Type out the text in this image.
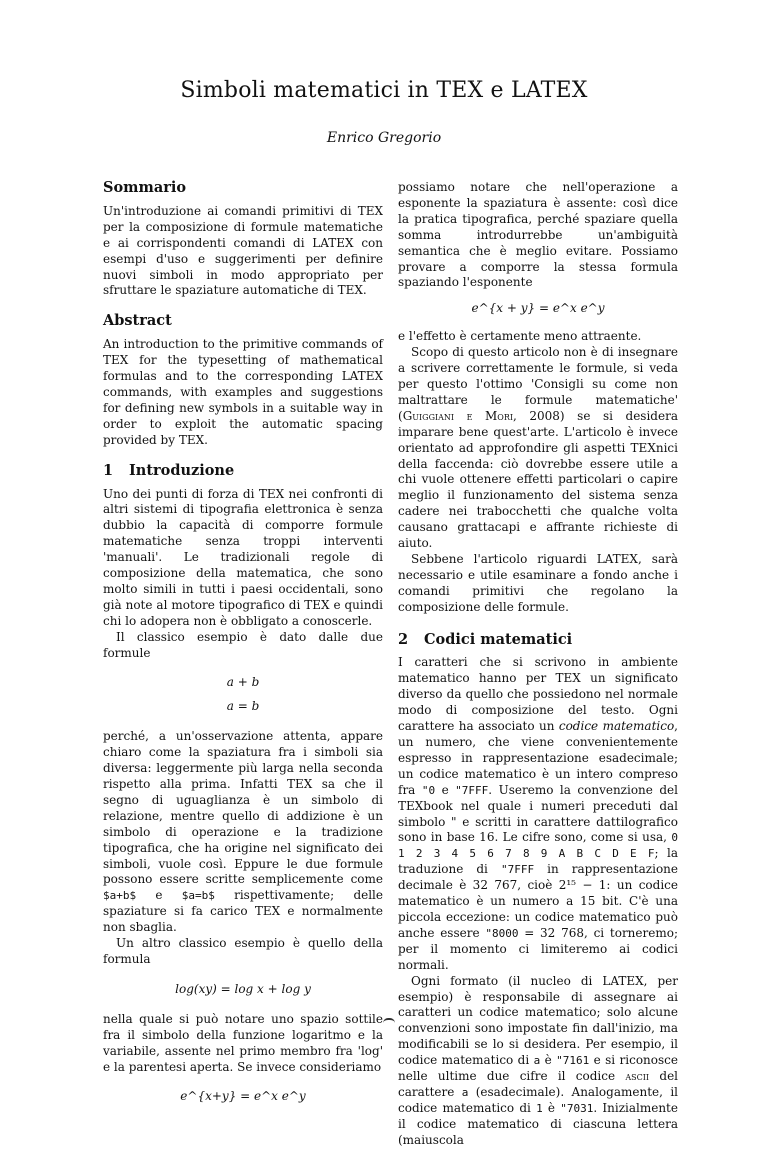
Simboli matematici in TEX e LATEX
Enrico Gregorio
Sommario

Un'introduzione ai comandi primitivi di TEX per la composizione di formule matematiche e ai corrispondenti comandi di LATEX con esempi d'uso e suggerimenti per definire nuovi simboli in modo appropriato per sfruttare le spaziature automatiche di TEX.

Abstract

An introduction to the primitive commands of TEX for the typesetting of mathematical formulas and to the corresponding LATEX commands, with examples and suggestions for defining new symbols in a suitable way in order to exploit the automatic spacing provided by TEX.

1 Introduzione

Uno dei punti di forza di TEX nei confronti di altri sistemi di tipografia elettronica è senza dubbio la capacità di comporre formule matematiche senza troppi interventi 'manuali'. Le tradizionali regole di composizione della matematica, che sono molto simili in tutti i paesi occidentali, sono già note al motore tipografico di TEX e quindi chi lo adopera non è obbligato a conoscerle.

Il classico esempio è dato dalle due formule

a + b
a = b

perché, a un'osservazione attenta, appare chiaro come la spaziatura fra i simboli sia diversa: leggermente più larga nella seconda rispetto alla prima. Infatti TEX sa che il segno di uguaglianza è un simbolo di relazione, mentre quello di addizione è un simbolo di operazione e la tradizione tipografica, che ha origine nel significato dei simboli, vuole così. Eppure le due formule possono essere scritte semplicemente come $a+b$ e $a=b$ rispettivamente; delle spaziature si fa carico TEX e normalmente non sbaglia.

Un altro classico esempio è quello della formula

log(xy) = log x + log y

nella quale si può notare uno spazio sottile fra il simbolo della funzione logaritmo e la variabile, assente nel primo membro fra 'log' e la parentesi aperta. Se invece consideriamo

e^{x+y} = e^x e^y

possiamo notare che nell'operazione a esponente la spaziatura è assente: così dice la pratica tipografica, perché spaziare quella somma introdurrebbe un'ambiguità semantica che è meglio evitare. Possiamo provare a comporre la stessa formula spaziando l'esponente

e^{x + y} = e^x e^y

e l'effetto è certamente meno attraente.

Scopo di questo articolo non è di insegnare a scrivere correttamente le formule, si veda per questo l'ottimo 'Consigli su come non maltrattare le formule matematiche' (Guiggiani e Mori, 2008) se si desidera imparare bene quest'arte. L'articolo è invece orientato ad approfondire gli aspetti TEXnici della faccenda: ciò dovrebbe essere utile a chi vuole ottenere effetti particolari o capire meglio il funzionamento del sistema senza cadere nei trabocchetti che qualche volta causano grattacapi e affrante richieste di aiuto.

Sebbene l'articolo riguardi LATEX, sarà necessario e utile esaminare a fondo anche i comandi primitivi che regolano la composizione delle formule.

2 Codici matematici

I caratteri che si scrivono in ambiente matematico hanno per TEX un significato diverso da quello che possiedono nel normale modo di composizione del testo. Ogni carattere ha associato un codice matematico, un numero, che viene convenientemente espresso in rappresentazione esadecimale; un codice matematico è un intero compreso fra "0 e "7FFF. Useremo la convenzione del TEXbook nel quale i numeri preceduti dal simbolo " e scritti in carattere dattilografico sono in base 16. Le cifre sono, come si usa, 0 1 2 3 4 5 6 7 8 9 A B C D E F; la traduzione di "7FFF in rappresentazione decimale è 32 767, cioè 2¹⁵ − 1: un codice matematico è un numero a 15 bit. C'è una piccola eccezione: un codice matematico può anche essere "8000 = 32 768, ci torneremo; per il momento ci limiteremo ai codici normali.

Ogni formato (il nucleo di LATEX, per esempio) è responsabile di assegnare ai caratteri un codice matematico; solo alcune convenzioni sono impostate fin dall'inizio, ma modificabili se lo si desidera. Per esempio, il codice matematico di a è "7161 e si riconosce nelle ultime due cifre il codice ascii del carattere a (esadecimale). Analogamente, il codice matematico di 1 è "7031. Inizialmente il codice matematico di ciascuna lettera (maiuscola
